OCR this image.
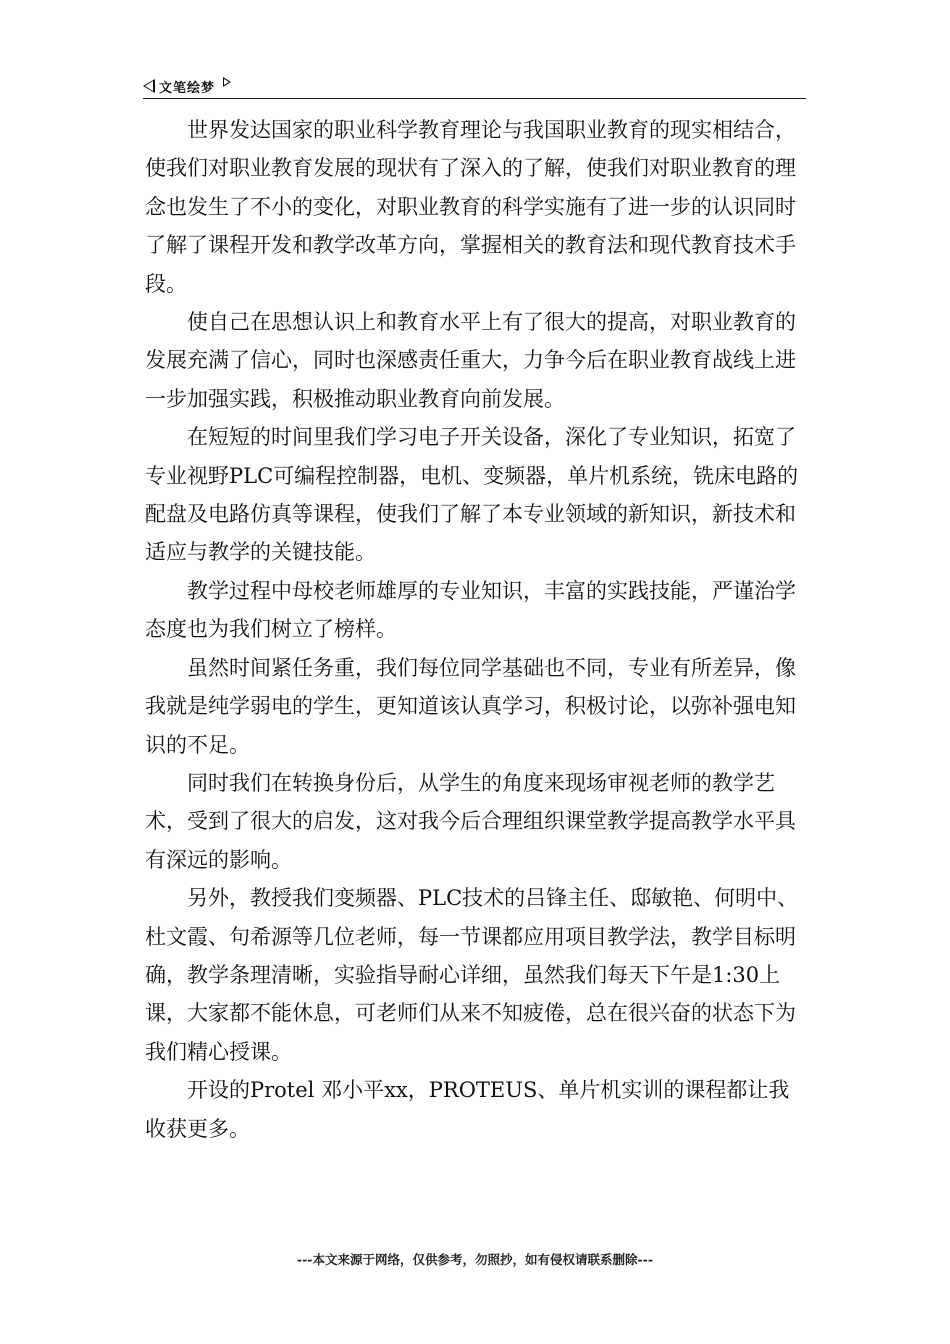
文笔绘梦

世界发达国家的职业科学教育理论与我国职业教育的现实相结合，使我们对职业教育发展的现状有了深入的了解，使我们对职业教育的理念也发生了不小的变化，对职业教育的科学实施有了进一步的认识同时了解了课程开发和教学改革方向，掌握相关的教育法和现代教育技术手段。

使自己在思想认识上和教育水平上有了很大的提高，对职业教育的发展充满了信心，同时也深感责任重大，力争今后在职业教育战线上进一步加强实践，积极推动职业教育向前发展。

在短短的时间里我们学习电子开关设备，深化了专业知识，拓宽了专业视野PLC可编程控制器，电机、变频器，单片机系统，铣床电路的配盘及电路仿真等课程，使我们了解了本专业领域的新知识，新技术和适应与教学的关键技能。

教学过程中母校老师雄厚的专业知识，丰富的实践技能，严谨治学态度也为我们树立了榜样。

虽然时间紧任务重，我们每位同学基础也不同，专业有所差异，像我就是纯学弱电的学生，更知道该认真学习，积极讨论，以弥补强电知识的不足。

同时我们在转换身份后，从学生的角度来现场审视老师的教学艺术，受到了很大的启发，这对我今后合理组织课堂教学提高教学水平具有深远的影响。

另外，教授我们变频器、PLC技术的吕锋主任、邸敏艳、何明中、杜文霞、句希源等几位老师，每一节课都应用项目教学法，教学目标明确，教学条理清晰，实验指导耐心详细，虽然我们每天下午是1:30上课，大家都不能休息，可老师们从来不知疲倦，总在很兴奋的状态下为我们精心授课。

开设的Protel 邓小平xx，PROTEUS、单片机实训的课程都让我收获更多。

---本文来源于网络，仅供参考，勿照抄，如有侵权请联系删除---
